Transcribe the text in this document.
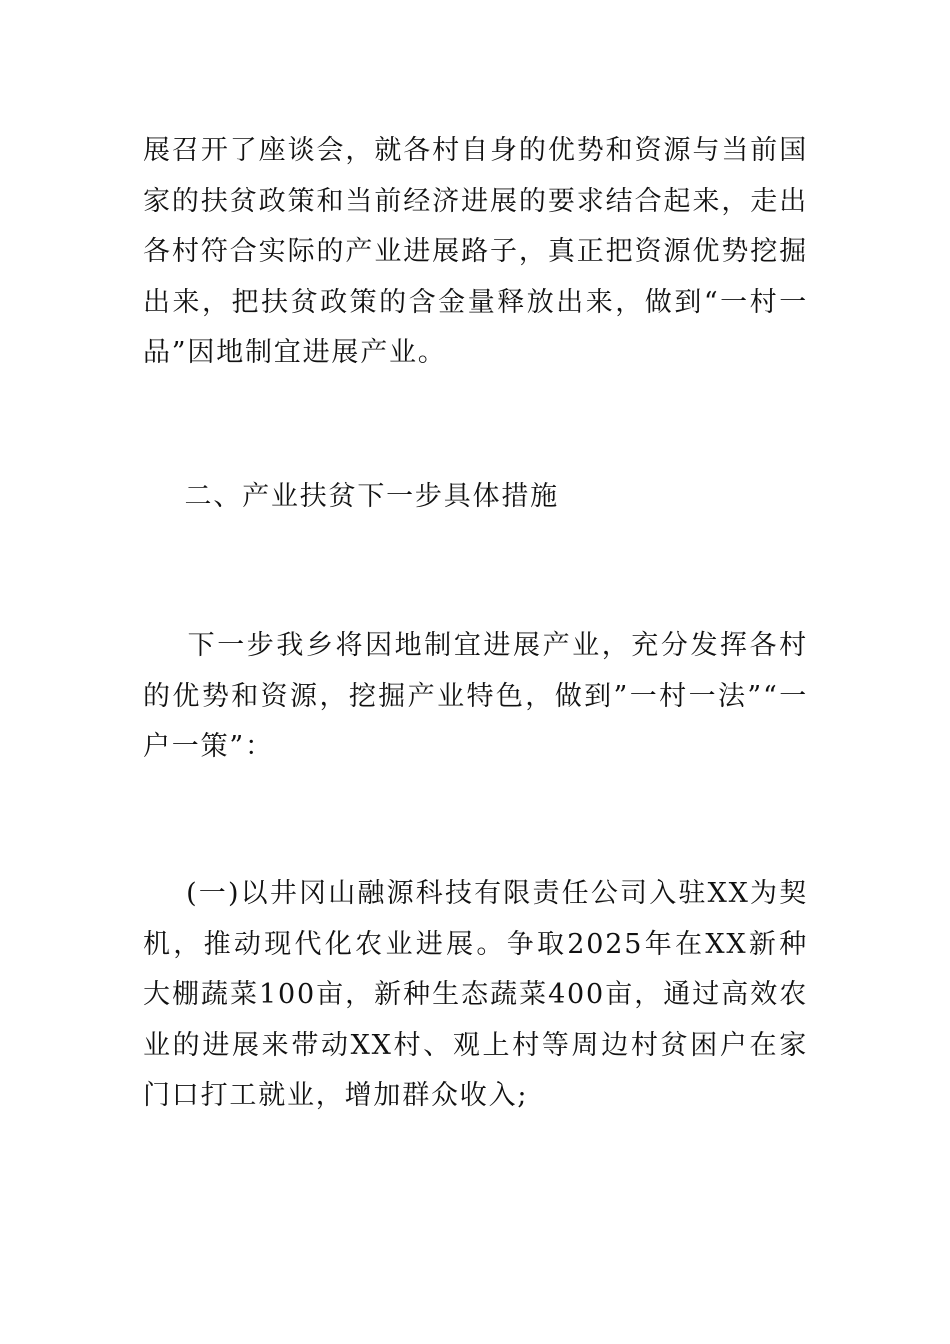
展召开了座谈会，就各村自身的优势和资源与当前国家的扶贫政策和当前经济进展的要求结合起来，走出各村符合实际的产业进展路子，真正把资源优势挖掘出来，把扶贫政策的含金量释放出来，做到“一村一品”因地制宜进展产业。

二、产业扶贫下一步具体措施

下一步我乡将因地制宜进展产业，充分发挥各村的优势和资源，挖掘产业特色，做到”一村一法”“一户一策”：

(一)以井冈山融源科技有限责任公司入驻XX为契机，推动现代化农业进展。争取2025年在XX新种大棚蔬菜100亩，新种生态蔬菜400亩，通过高效农业的进展来带动XX村、观上村等周边村贫困户在家门口打工就业，增加群众收入;
